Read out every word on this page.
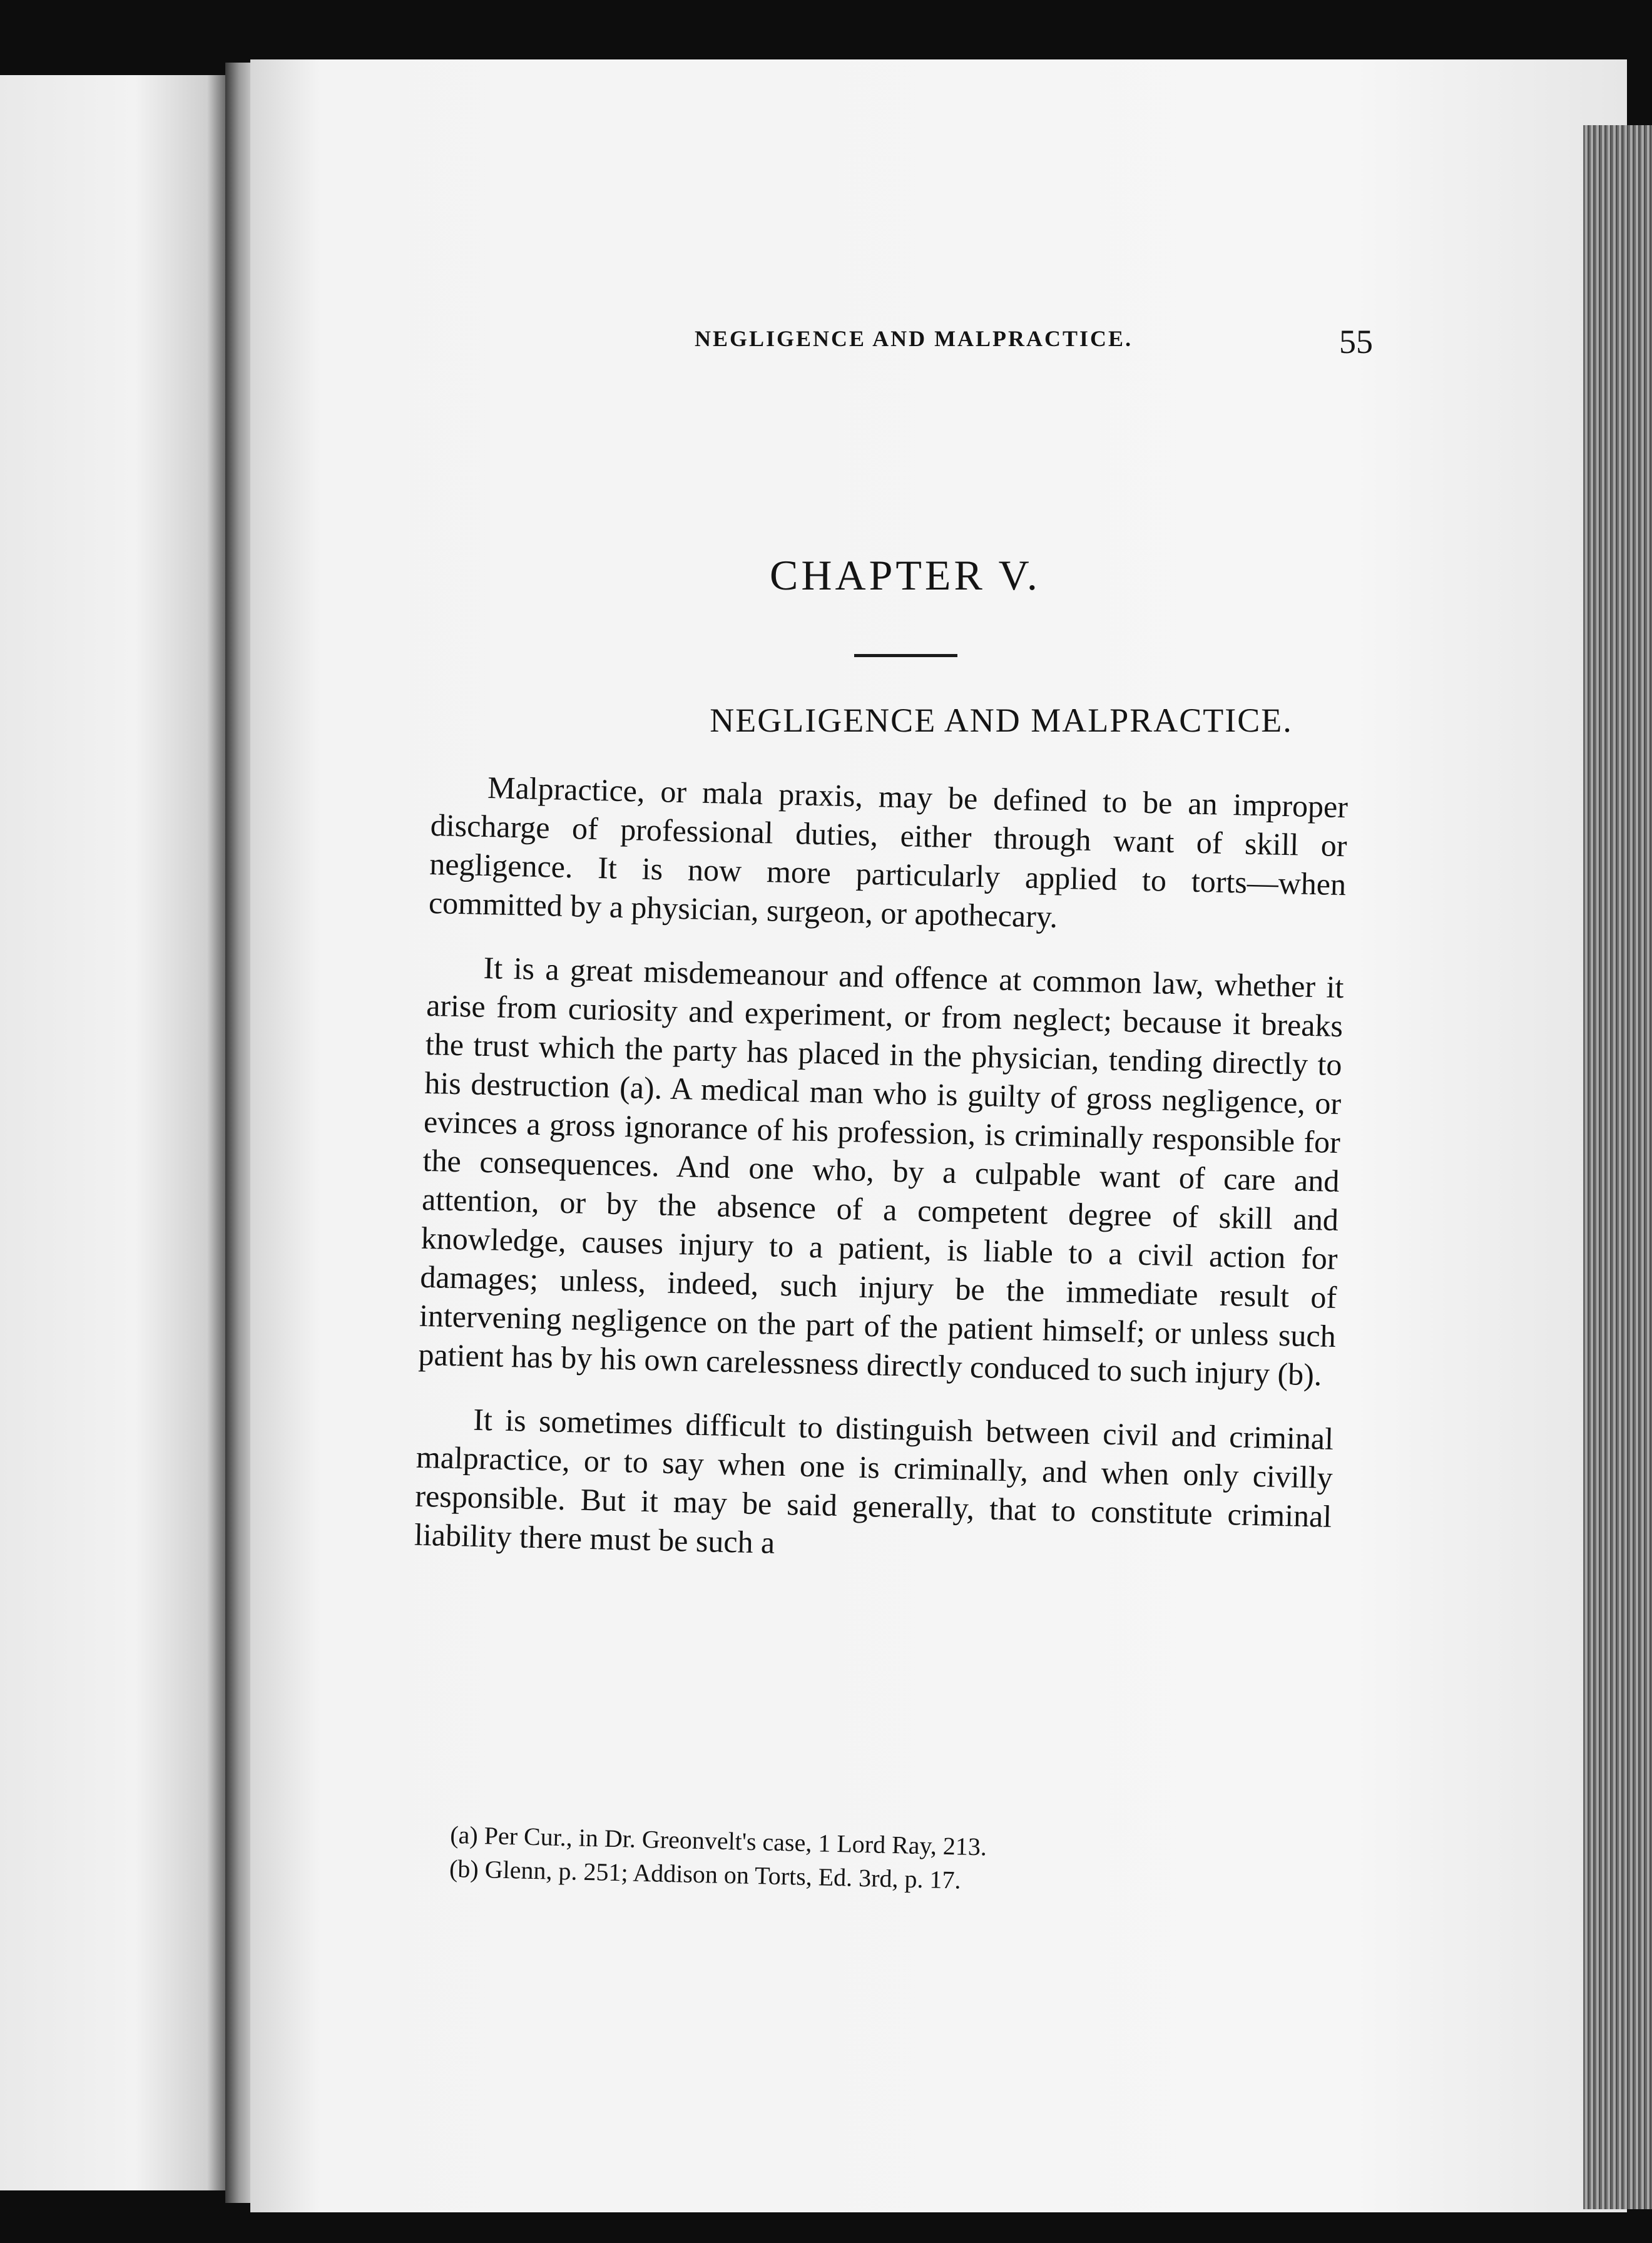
NEGLIGENCE AND MALPRACTICE.	55
CHAPTER V.
NEGLIGENCE AND MALPRACTICE.

Malpractice, or mala praxis, may be defined to be an improper discharge of professional duties, either through want of skill or negligence. It is now more particularly applied to torts—when committed by a physician, surgeon, or apothecary.

It is a great misdemeanour and offence at common law, whether it arise from curiosity and experiment, or from neglect; because it breaks the trust which the party has placed in the physician, tending directly to his destruction (a). A medical man who is guilty of gross negligence, or evinces a gross ignorance of his profession, is criminally responsible for the consequences. And one who, by a culpable want of care and attention, or by the absence of a competent degree of skill and knowledge, causes injury to a patient, is liable to a civil action for damages; unless, indeed, such injury be the immediate result of intervening negligence on the part of the patient himself; or unless such patient has by his own carelessness directly conduced to such injury (b).

It is sometimes difficult to distinguish between civil and criminal malpractice, or to say when one is criminally, and when only civilly responsible. But it may be said generally, that to constitute criminal liability there must be such a

(a) Per Cur., in Dr. Greonvelt's case, 1 Lord Ray, 213.

(b) Glenn, p. 251; Addison on Torts, Ed. 3rd, p. 17.
